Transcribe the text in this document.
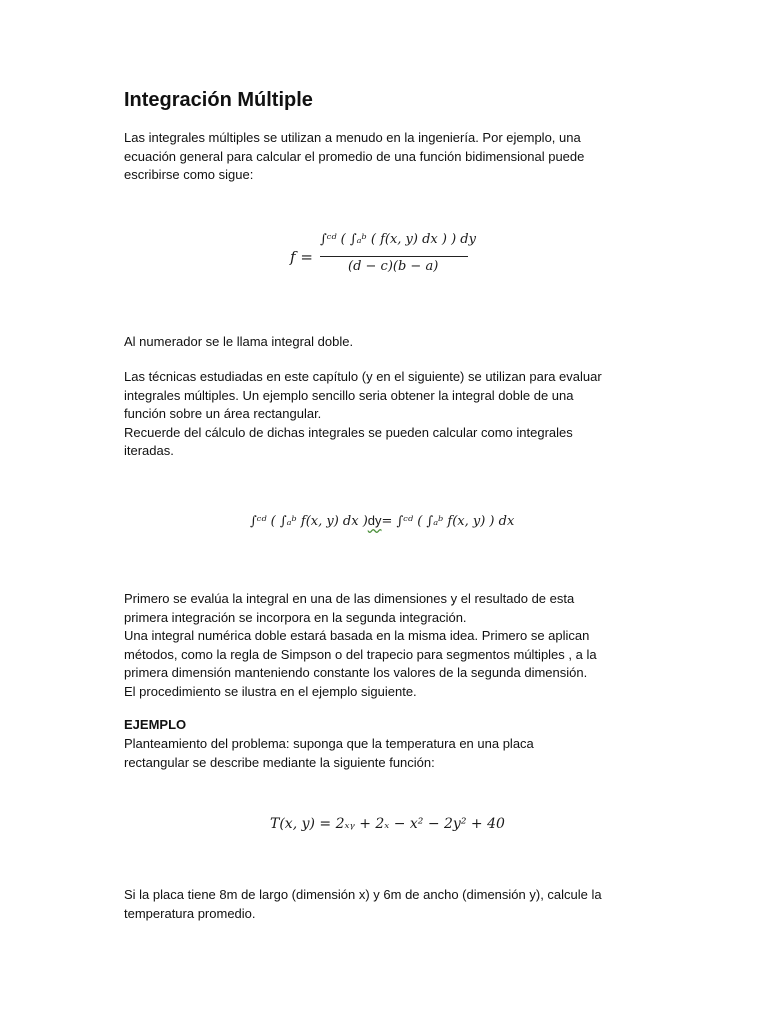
Integración Múltiple

Las integrales múltiples se utilizan a menudo en la ingeniería. Por ejemplo, una
ecuación general para calcular el promedio de una función bidimensional puede
escribirse como sigue:

f =
∫ᶜᵈ ( ∫ₐᵇ ( f(x, y) dx ) ) dy
(d − c)(b − a)

Al numerador se le llama integral doble.

Las técnicas estudiadas en este capítulo (y en el siguiente) se utilizan para evaluar
integrales múltiples. Un ejemplo sencillo seria obtener la integral doble de una
función sobre un área rectangular.
Recuerde del cálculo de dichas integrales se pueden calcular como integrales
iteradas.

∫ᶜᵈ ( ∫ₐᵇ f(x, y) dx )dy= ∫ᶜᵈ ( ∫ₐᵇ f(x, y) ) dx

Primero se evalúa la integral en una de las dimensiones y el resultado de esta
primera integración se incorpora en la segunda integración.
Una integral numérica doble estará basada en la misma idea. Primero se aplican
métodos, como la regla de Simpson o del trapecio para segmentos múltiples , a la
primera dimensión manteniendo constante los valores de la segunda dimensión.
El procedimiento se ilustra en el ejemplo siguiente.

EJEMPLO

Planteamiento del problema: suponga que la temperatura en una placa
rectangular se describe mediante la siguiente función:

T(x, y) = 2ₓᵧ + 2ₓ − x² − 2y² + 40

Si la placa tiene 8m de largo (dimensión x) y 6m de ancho (dimensión y), calcule la
temperatura promedio.
